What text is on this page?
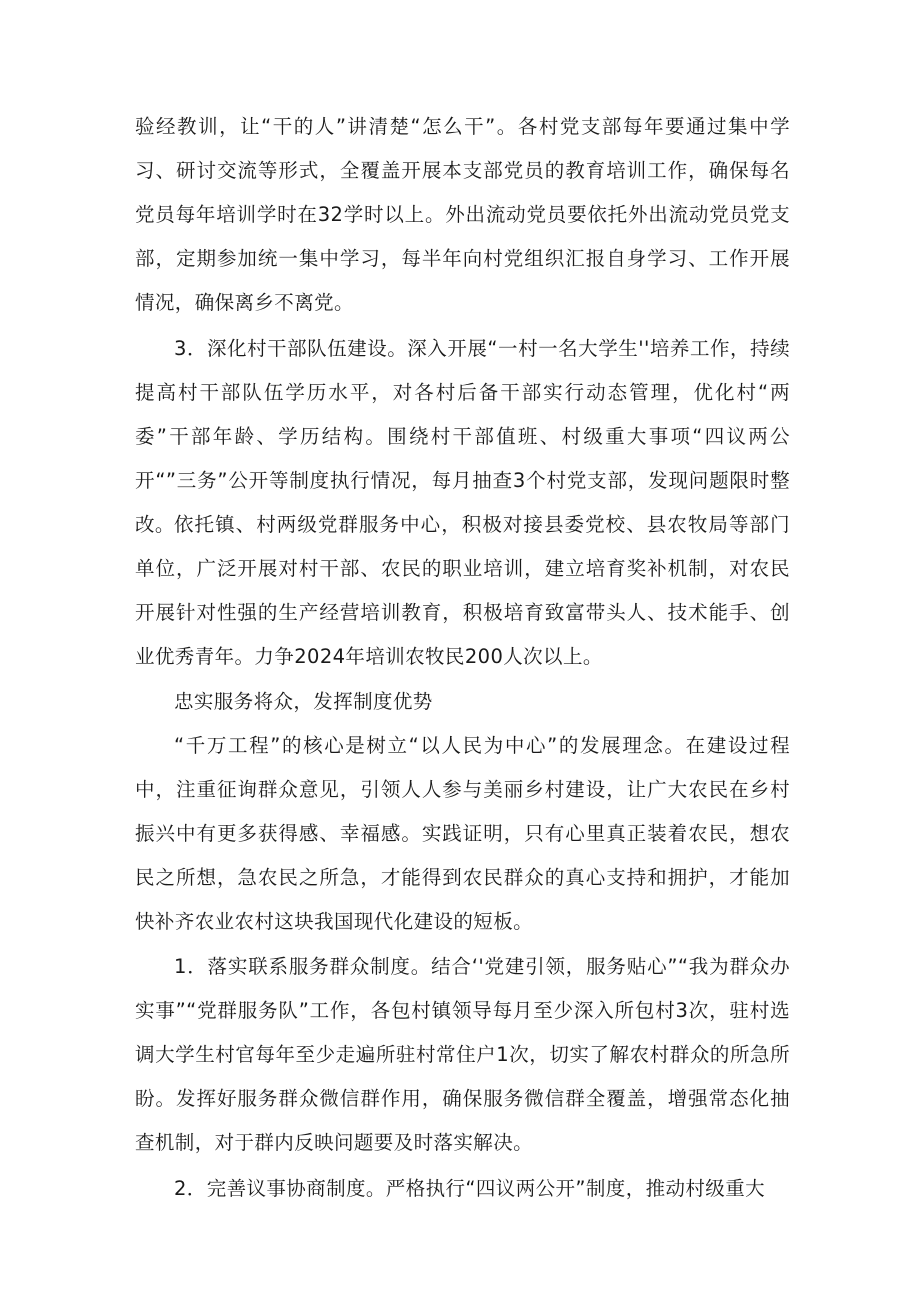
验经教训，让“干的人”讲清楚“怎么干”。各村党支部每年要通过集中学习、研讨交流等形式，全覆盖开展本支部党员的教育培训工作，确保每名党员每年培训学时在32学时以上。外出流动党员要依托外出流动党员党支部，定期参加统一集中学习，每半年向村党组织汇报自身学习、工作开展情况，确保离乡不离党。

3．深化村干部队伍建设。深入开展“一村一名大学生''培养工作，持续提高村干部队伍学历水平，对各村后备干部实行动态管理，优化村“两委”干部年龄、学历结构。围绕村干部值班、村级重大事项“四议两公开“”三务”公开等制度执行情况，每月抽查3个村党支部，发现问题限时整改。 依托镇、村两级党群服务中心，积极对接县委党校、县农牧局等部门单位，广泛开展对村干部、农民的职业培训，建立培育奖补机制，对农民开展针对性强的生产经营培训教育，积极培育致富带头人、技术能手、创业优秀青年。力争2024年培训农牧民200人次以上。

忠实服务将众，发挥制度优势

“千万工程”的核心是树立“以人民为中心”的发展理念。在建设过程中，注重征询群众意见，引领人人参与美丽乡村建设，让广大农民在乡村振兴中有更多获得感、幸福感。实践证明，只有心里真正装着农民，想农民之所想，急农民之所急，才能得到农民群众的真心支持和拥护，才能加快补齐农业农村这块我国现代化建设的短板。

1．落实联系服务群众制度。结合‘'党建引领，服务贴心”“我为群众办实事”“党群服务队”工作，各包村镇领导每月至少深入所包村3次，驻村选调大学生村官每年至少走遍所驻村常住户1次，切实了解农村群众的所急所盼。发挥好服务群众微信群作用，确保服务微信群全覆盖，增强常态化抽查机制，对于群内反映问题要及时落实解决。

2．完善议事协商制度。严格执行“四议两公开”制度，推动村级重大
